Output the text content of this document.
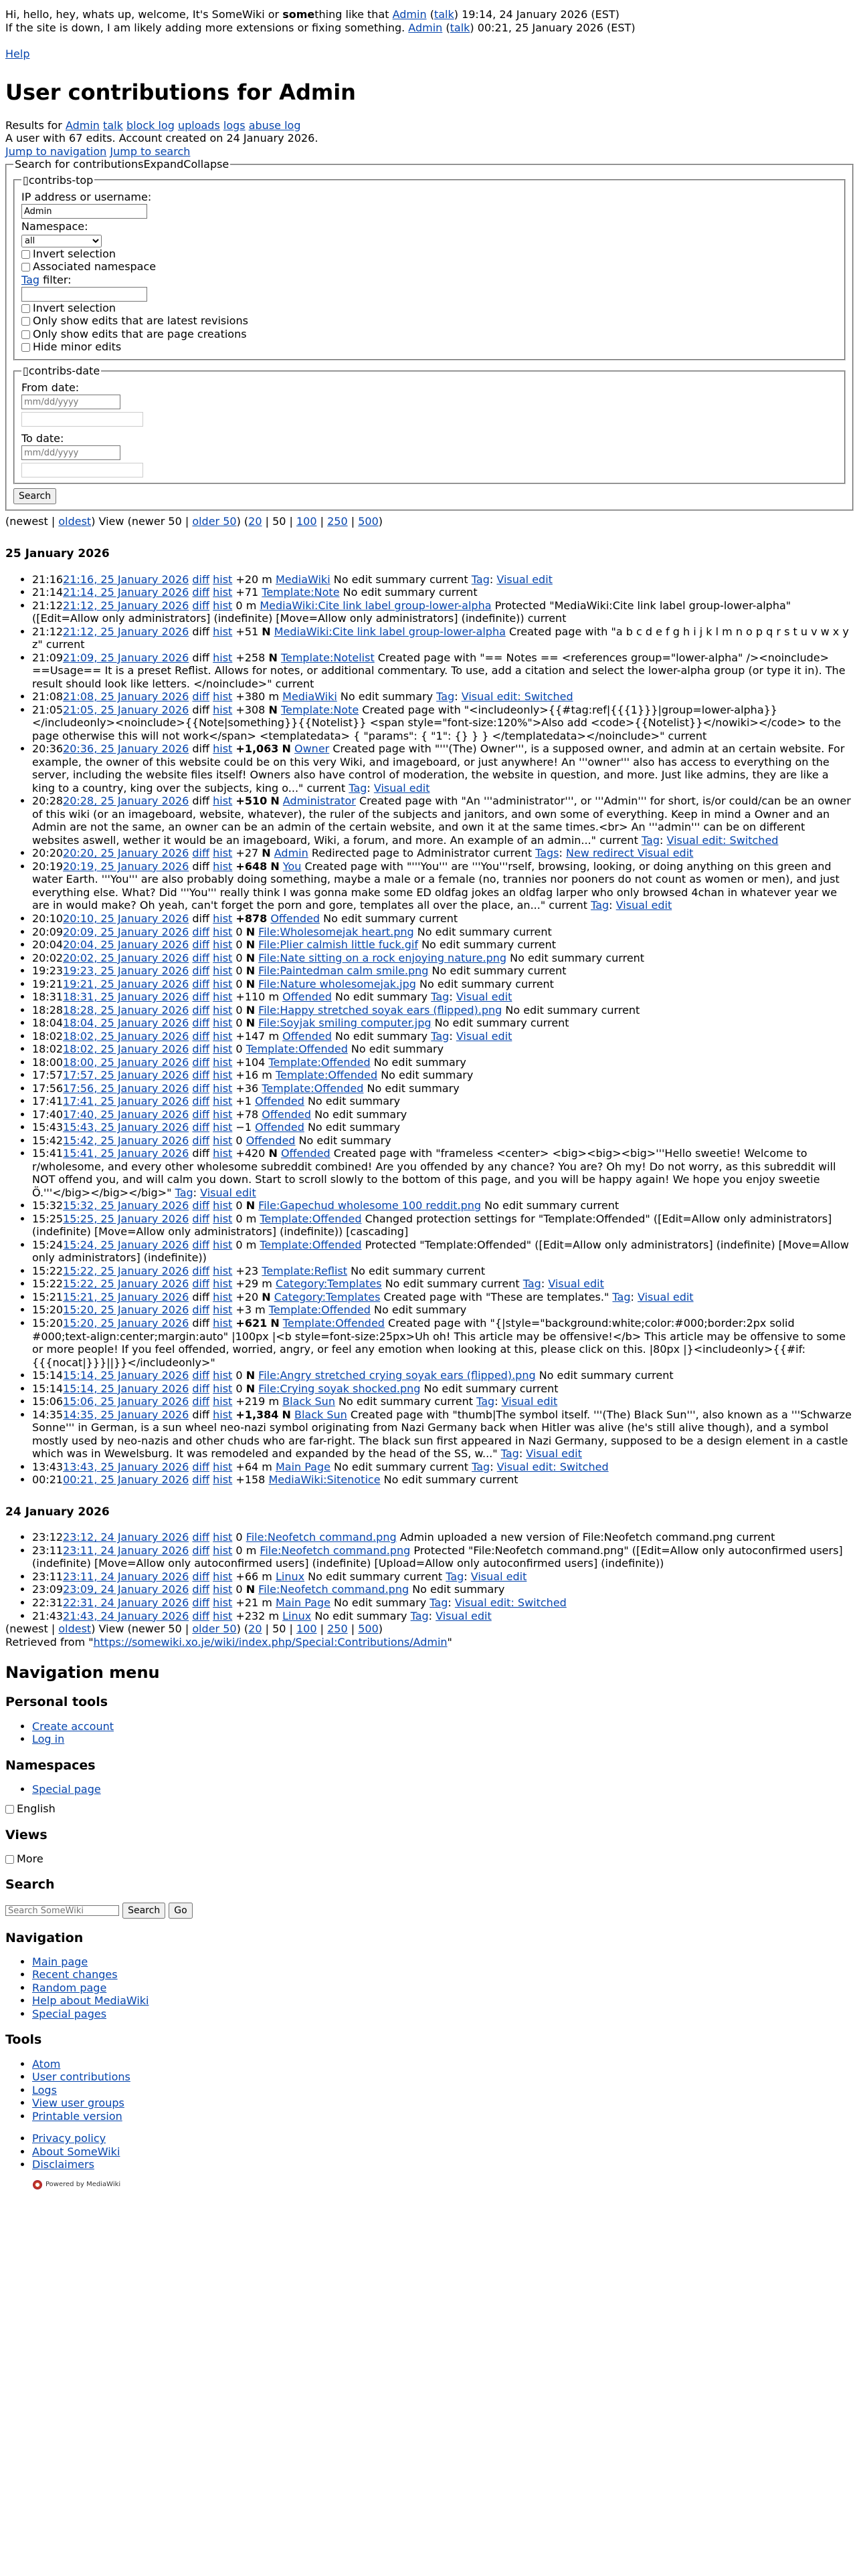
Hi, hello, hey, whats up, welcome, It's SomeWiki or something like that Admin (talk) 19:14, 24 January 2026 (EST)

If the site is down, I am likely adding more extensions or fixing something. Admin (talk) 00:21, 25 January 2026 (EST)

Help

User contributions for Admin
Results for Admin talk block log uploads logs abuse log
A user with 67 edits. Account created on 24 January 2026.
Jump to navigation Jump to search
Search for contributionsExpandCollapse
▯contribs-top
IP address or username:
Admin
Namespace:
all
Invert selection
Associated namespace
Tag filter:
Invert selection
Only show edits that are latest revisions
Only show edits that are page creations
Hide minor edits
▯contribs-date
From date:
mm/dd/yyyy
To date:
mm/dd/yyyy
Search
(newest | oldest) View (newer 50 | older 50) (20 | 50 | 100 | 250 | 500)
25 January 2026
• 21:1621:16, 25 January 2026 diff hist +20 m MediaWiki No edit summary current Tag: Visual edit
• 21:1421:14, 25 January 2026 diff hist +71 Template:Note No edit summary current
• 21:1221:12, 25 January 2026 diff hist 0 m MediaWiki:Cite link label group-lower-alpha Protected "MediaWiki:Cite link label group-lower-alpha" ([Edit=Allow only administrators] (indefinite) [Move=Allow only administrators] (indefinite)) current
• 21:1221:12, 25 January 2026 diff hist +51 N MediaWiki:Cite link label group-lower-alpha Created page with "a b c d e f g h i j k l m n o p q r s t u v w x y z" current
• 21:0921:09, 25 January 2026 diff hist +258 N Template:Notelist Created page with "== Notes == <references group="lower-alpha" /><noinclude> ==Usage== It is a preset Reflist. Allows for notes, or additional commentary. To use, add a citation and select the lower-alpha group (or type it in). The result should look like letters. </noinclude>" current
• 21:0821:08, 25 January 2026 diff hist +380 m MediaWiki No edit summary Tag: Visual edit: Switched
• 21:0521:05, 25 January 2026 diff hist +308 N Template:Note Created page with "<includeonly>{{#tag:ref|{{{1}}}|group=lower-alpha}}</includeonly><noinclude>{{Note|something}}{{Notelist}} <span style="font-size:120%">Also add <code>{{Notelist}}</nowiki></code> to the page otherwise this will not work</span> <templatedata> { "params": { "1": {} } } </templatedata></noinclude>" current
• 20:3620:36, 25 January 2026 diff hist +1,063 N Owner Created page with "'''(The) Owner''', is a supposed owner, and admin at an certain website. For example, the owner of this website could be on this very Wiki, and imageboard, or just anywhere! An '''owner''' also has access to everything on the server, including the website files itself! Owners also have control of moderation, the website in question, and more. Just like admins, they are like a king to a country, king over the subjects, king o..." current Tag: Visual edit
• 20:2820:28, 25 January 2026 diff hist +510 N Administrator Created page with "An '''administrator''', or '''Admin''' for short, is/or could/can be an owner of this wiki (or an imageboard, website, whatever), the ruler of the subjects and janitors, and own some of everything. Keep in mind a Owner and an Admin are not the same, an owner can be an admin of the certain website, and own it at the same times.<br> An '''admin''' can be on different websites aswell, wether it would be an imageboard, Wiki, a forum, and more. An example of an admin..." current Tag: Visual edit: Switched
• 20:2020:20, 25 January 2026 diff hist +27 N Admin Redirected page to Administrator current Tags: New redirect Visual edit
• 20:1920:19, 25 January 2026 diff hist +648 N You Created page with "'''You''' are '''You'''rself, browsing, looking, or doing anything on this green and water Earth. '''You''' are also probably doing something, maybe a male or a female (no, trannies nor pooners do not count as women or men), and just everything else. What? Did '''You''' really think I was gonna make some ED oldfag jokes an oldfag larper who only browsed 4chan in whatever year we are in would make? Oh yeah, can't forget the porn and gore, templates all over the place, an..." current Tag: Visual edit
• 20:1020:10, 25 January 2026 diff hist +878 Offended No edit summary current
• 20:0920:09, 25 January 2026 diff hist 0 N File:Wholesomejak heart.png No edit summary current
• 20:0420:04, 25 January 2026 diff hist 0 N File:Plier calmish little fuck.gif No edit summary current
• 20:0220:02, 25 January 2026 diff hist 0 N File:Nate sitting on a rock enjoying nature.png No edit summary current
• 19:2319:23, 25 January 2026 diff hist 0 N File:Paintedman calm smile.png No edit summary current
• 19:2119:21, 25 January 2026 diff hist 0 N File:Nature wholesomejak.jpg No edit summary current
• 18:3118:31, 25 January 2026 diff hist +110 m Offended No edit summary Tag: Visual edit
• 18:2818:28, 25 January 2026 diff hist 0 N File:Happy stretched soyak ears (flipped).png No edit summary current
• 18:0418:04, 25 January 2026 diff hist 0 N File:Soyjak smiling computer.jpg No edit summary current
• 18:0218:02, 25 January 2026 diff hist +147 m Offended No edit summary Tag: Visual edit
• 18:0218:02, 25 January 2026 diff hist 0 Template:Offended No edit summary
• 18:0018:00, 25 January 2026 diff hist +104 Template:Offended No edit summary
• 17:5717:57, 25 January 2026 diff hist +16 m Template:Offended No edit summary
• 17:5617:56, 25 January 2026 diff hist +36 Template:Offended No edit summary
• 17:4117:41, 25 January 2026 diff hist +1 Offended No edit summary
• 17:4017:40, 25 January 2026 diff hist +78 Offended No edit summary
• 15:4315:43, 25 January 2026 diff hist −1 Offended No edit summary
• 15:4215:42, 25 January 2026 diff hist 0 Offended No edit summary
• 15:4115:41, 25 January 2026 diff hist +420 N Offended Created page with "frameless <center> <big><big><big>'''Hello sweetie! Welcome to r/wholesome, and every other wholesome subreddit combined! Are you offended by any chance? You are? Oh my! Do not worry, as this subreddit will NOT offend you, and will calm you down. Start to scroll slowly to the bottom of this page, and you will be happy again! We hope you enjoy sweetie Ö.'''</big></big></big>" Tag: Visual edit
• 15:3215:32, 25 January 2026 diff hist 0 N File:Gapechud wholesome 100 reddit.png No edit summary current
• 15:2515:25, 25 January 2026 diff hist 0 m Template:Offended Changed protection settings for "Template:Offended" ([Edit=Allow only administrators] (indefinite) [Move=Allow only administrators] (indefinite)) [cascading]
• 15:2415:24, 25 January 2026 diff hist 0 m Template:Offended Protected "Template:Offended" ([Edit=Allow only administrators] (indefinite) [Move=Allow only administrators] (indefinite))
• 15:2215:22, 25 January 2026 diff hist +23 Template:Reflist No edit summary current
• 15:2215:22, 25 January 2026 diff hist +29 m Category:Templates No edit summary current Tag: Visual edit
• 15:2115:21, 25 January 2026 diff hist +20 N Category:Templates Created page with "These are templates." Tag: Visual edit
• 15:2015:20, 25 January 2026 diff hist +3 m Template:Offended No edit summary
• 15:2015:20, 25 January 2026 diff hist +621 N Template:Offended Created page with "{|style="background:white;color:#000;border:2px solid #000;text-align:center;margin:auto" |100px |<b style=font-size:25px>Uh oh! This article may be offensive!</b> This article may be offensive to some or more people! If you feel offended, worried, angry, or feel any emotion when looking at this, please click on this. |80px |}<includeonly>{{#if:{{{nocat|}}}||}}</includeonly>"
• 15:1415:14, 25 January 2026 diff hist 0 N File:Angry stretched crying soyak ears (flipped).png No edit summary current
• 15:1415:14, 25 January 2026 diff hist 0 N File:Crying soyak shocked.png No edit summary current
• 15:0615:06, 25 January 2026 diff hist +219 m Black Sun No edit summary current Tag: Visual edit
• 14:3514:35, 25 January 2026 diff hist +1,384 N Black Sun Created page with "thumb|The symbol itself. '''(The) Black Sun''', also known as a '''Schwarze Sonne''' in German, is a sun wheel neo-nazi symbol originating from Nazi Germany back when Hitler was alive (he's still alive though), and a symbol mostly used by neo-nazis and other chuds who are far-right. The black sun first appeared in Nazi Germany, supposed to be a design element in a castle which was in Wewelsburg. It was remodeled and expanded by the head of the SS, w..." Tag: Visual edit
• 13:4313:43, 25 January 2026 diff hist +64 m Main Page No edit summary current Tag: Visual edit: Switched
• 00:2100:21, 25 January 2026 diff hist +158 MediaWiki:Sitenotice No edit summary current
24 January 2026
• 23:1223:12, 24 January 2026 diff hist 0 File:Neofetch command.png Admin uploaded a new version of File:Neofetch command.png current
• 23:1123:11, 24 January 2026 diff hist 0 m File:Neofetch command.png Protected "File:Neofetch command.png" ([Edit=Allow only autoconfirmed users] (indefinite) [Move=Allow only autoconfirmed users] (indefinite) [Upload=Allow only autoconfirmed users] (indefinite))
• 23:1123:11, 24 January 2026 diff hist +66 m Linux No edit summary current Tag: Visual edit
• 23:0923:09, 24 January 2026 diff hist 0 N File:Neofetch command.png No edit summary
• 22:3122:31, 24 January 2026 diff hist +21 m Main Page No edit summary Tag: Visual edit: Switched
• 21:4321:43, 24 January 2026 diff hist +232 m Linux No edit summary Tag: Visual edit
(newest | oldest) View (newer 50 | older 50) (20 | 50 | 100 | 250 | 500)
Retrieved from "https://somewiki.xo.je/wiki/index.php/Special:Contributions/Admin"
Navigation menu
Personal tools
• Create account
• Log in
Namespaces
• Special page
English
Views
More
Search
Search SomeWiki Search Go
Navigation
• Main page
• Recent changes
• Random page
• Help about MediaWiki
• Special pages
Tools
• Atom
• User contributions
• Logs
• View user groups
• Printable version
• Privacy policy
• About SomeWiki
• Disclaimers
Powered by MediaWiki
